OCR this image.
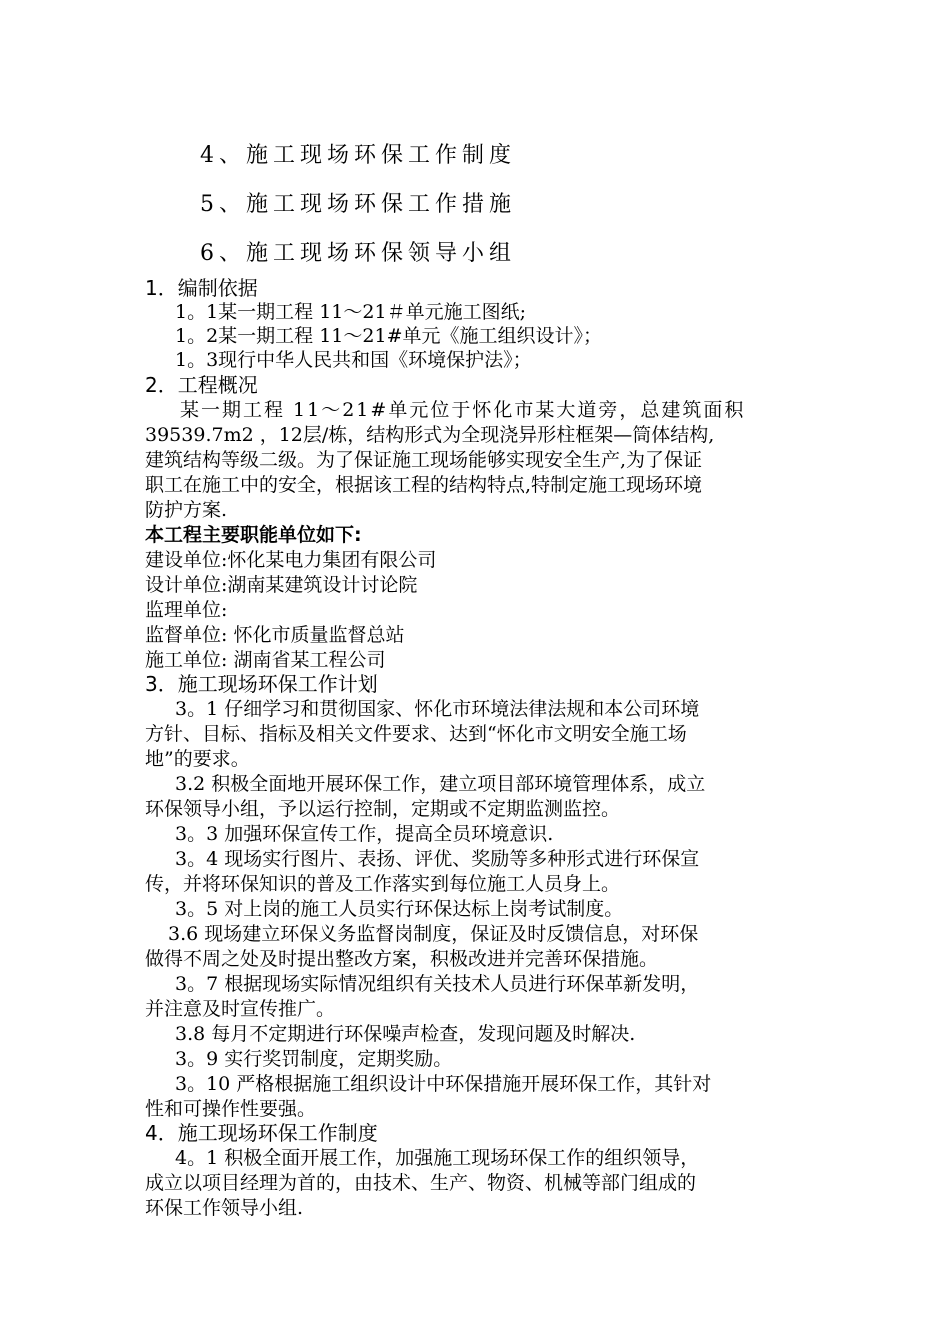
4、施工现场环保工作制度
5、施工现场环保工作措施
6、施工现场环保领导小组
1．编制依据
1。1某一期工程 11～21＃单元施工图纸;
1。2某一期工程 11～21#单元《施工组织设计》；
1。3现行中华人民共和国《环境保护法》；
2．工程概况
某一期工程 11～21#单元位于怀化市某大道旁，总建筑面积
39539.7m2 ，12层/栋，结构形式为全现浇异形柱框架—筒体结构,
建筑结构等级二级。为了保证施工现场能够实现安全生产,为了保证
职工在施工中的安全，根据该工程的结构特点,特制定施工现场环境
防护方案.
本工程主要职能单位如下:
建设单位:怀化某电力集团有限公司
设计单位:湖南某建筑设计讨论院
监理单位:
监督单位: 怀化市质量监督总站
施工单位: 湖南省某工程公司
3．施工现场环保工作计划
3。1 仔细学习和贯彻国家、怀化市环境法律法规和本公司环境
方针、目标、指标及相关文件要求、达到“怀化市文明安全施工场
地”的要求。
3.2 积极全面地开展环保工作，建立项目部环境管理体系，成立
环保领导小组，予以运行控制，定期或不定期监测监控。
3。3 加强环保宣传工作，提高全员环境意识.
3。4 现场实行图片、表扬、评优、奖励等多种形式进行环保宣
传，并将环保知识的普及工作落实到每位施工人员身上。
3。5 对上岗的施工人员实行环保达标上岗考试制度。
3.6 现场建立环保义务监督岗制度，保证及时反馈信息，对环保
做得不周之处及时提出整改方案，积极改进并完善环保措施。
3。7 根据现场实际情况组织有关技术人员进行环保革新发明，
并注意及时宣传推广。
3.8 每月不定期进行环保噪声检查，发现问题及时解决.
3。9 实行奖罚制度，定期奖励。
3。10 严格根据施工组织设计中环保措施开展环保工作，其针对
性和可操作性要强。
4．施工现场环保工作制度
4。1 积极全面开展工作，加强施工现场环保工作的组织领导，
成立以项目经理为首的，由技术、生产、物资、机械等部门组成的
环保工作领导小组.
